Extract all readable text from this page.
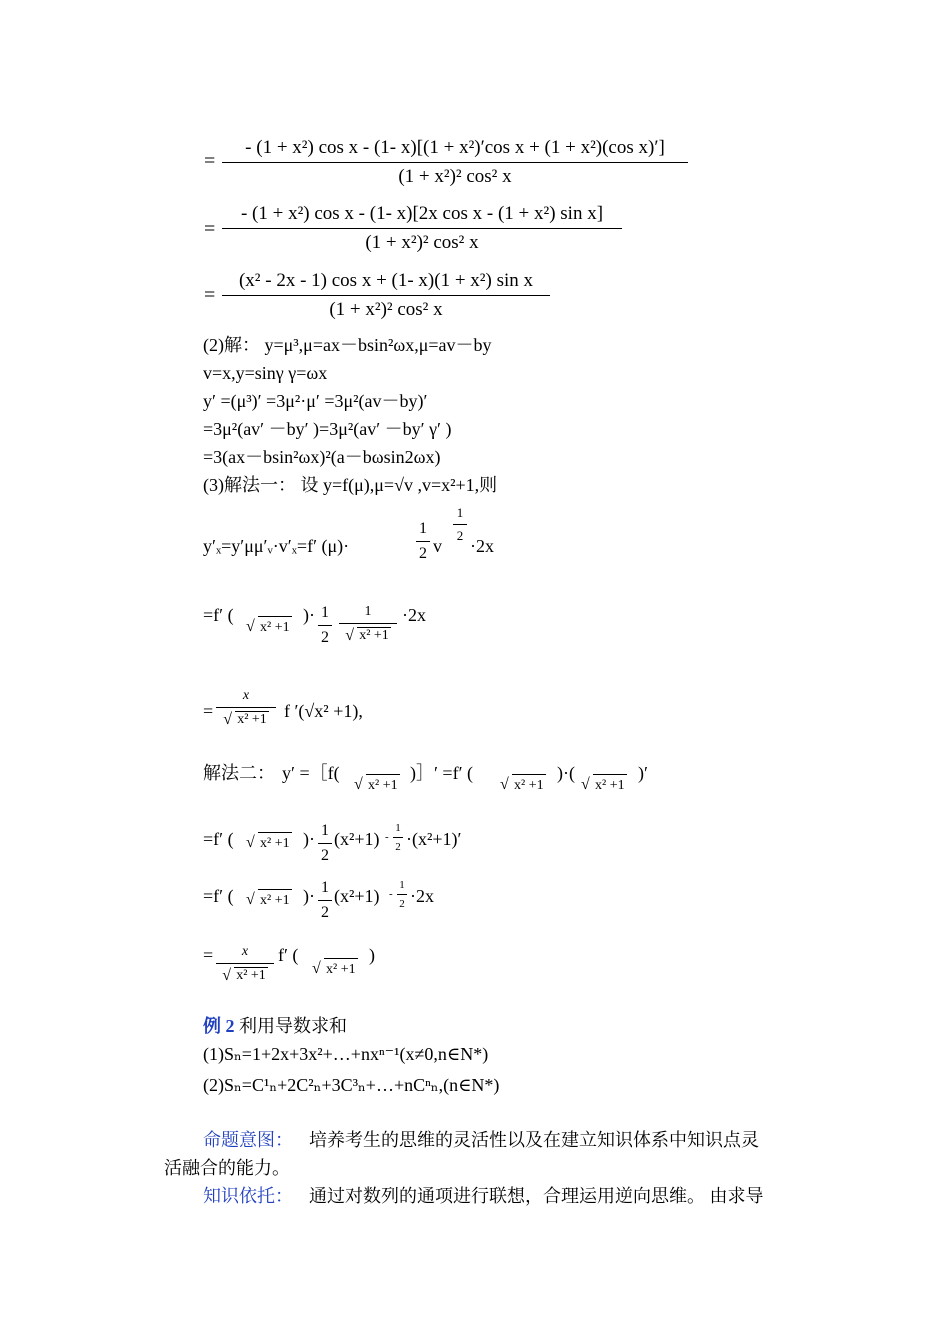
=
- (1 + x²) cos x - (1- x)[(1 + x²)′cos x + (1 + x²)(cos x)′]
(1 + x²)² cos² x
=
- (1 + x²) cos x - (1- x)[2x cos x - (1 + x²) sin x]
(1 + x²)² cos² x
=
(x² - 2x - 1) cos x + (1- x)(1 + x²) sin x
(1 + x²)² cos² x
(2)解： y=μ³,μ=ax－bsin²ωx,μ=av－by
v=x,y=sinγ γ=ωx
y′ =(μ³)′ =3μ²·μ′ =3μ²(av－by)′
=3μ²(av′ －by′ )=3μ²(av′ －by′ γ′ )
=3(ax－bsin²ωx)²(a－bωsin2ωx)
(3)解法一： 设 y=f(μ),μ=√v ,v=x²+1,则
y′ₓ=y′μμ′ᵥ·v′ₓ=f′ (μ)·
1
2 v
1
2
·2x
=f′ (
√ x² +1
)· 1
2
1
√ x² +1
·2x
=
x
√ x² +1 f ′(√x² +1),
解法二： y′ =［f(
√ x² +1
)］′ =f′ (
√ x² +1
)·(
√ x² +1
)′
=f′ (	√ x² +1 )· 1
2
(x²+1) -
1
2 ·(x²+1)′
=f′ (	√ x² +1 )· 1
2
(x²+1) -
1
2 ·2x
=	x
√ x² +1
f′ (
√ x² +1
)
例 2 利用导数求和
(1)Sₙ=1+2x+3x²+…+nxⁿ⁻¹(x≠0,n∈N*)
(2)Sₙ=C¹ₙ+2C²ₙ+3C³ₙ+…+nCⁿₙ,(n∈N*)
命题意图： 培养考生的思维的灵活性以及在建立知识体系中知识点灵
活融合的能力。
知识依托： 通过对数列的通项进行联想，合理运用逆向思维。 由求导
